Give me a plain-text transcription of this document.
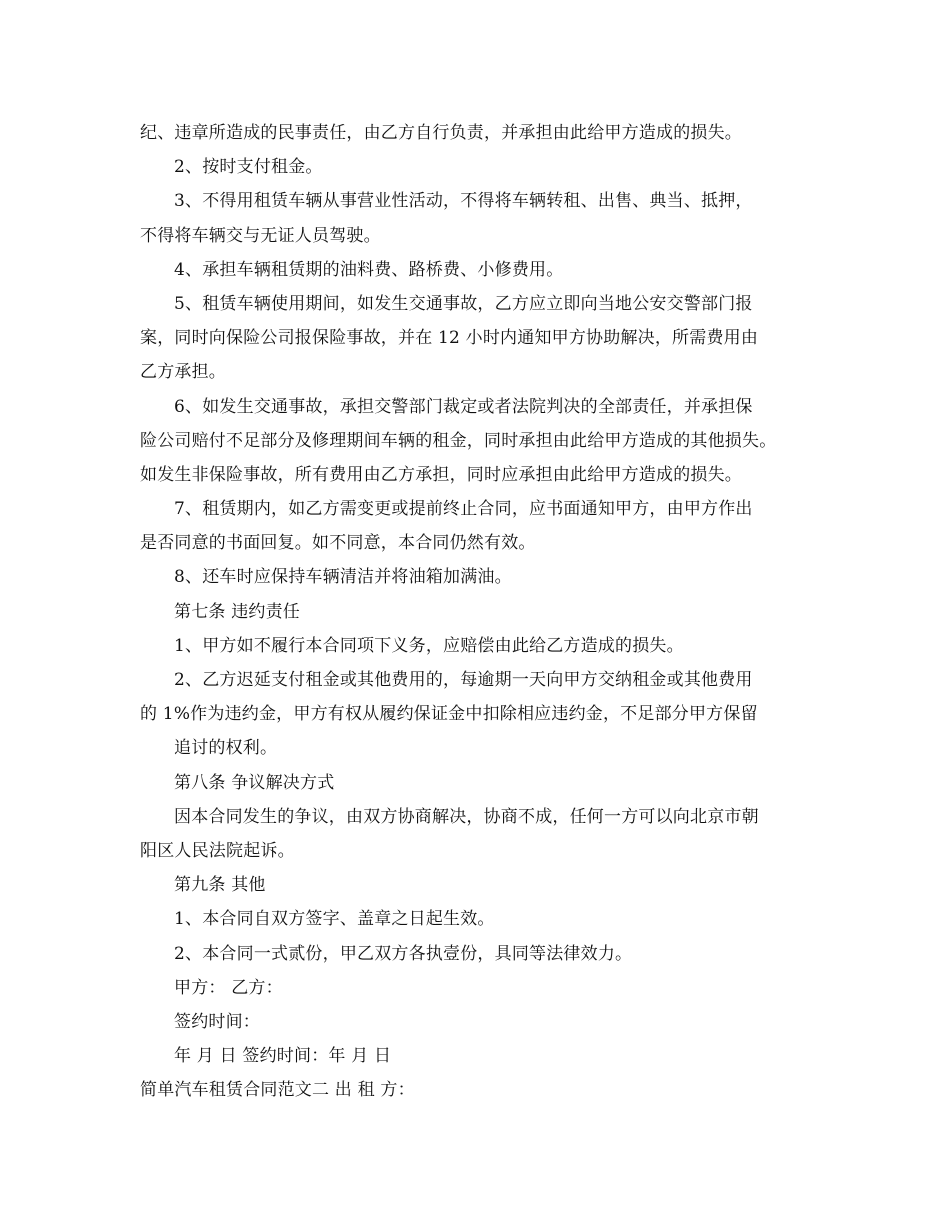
纪、违章所造成的民事责任，由乙方自行负责，并承担由此给甲方造成的损失。
2、按时支付租金。
3、不得用租赁车辆从事营业性活动，不得将车辆转租、出售、典当、抵押，
不得将车辆交与无证人员驾驶。
4、承担车辆租赁期的油料费、路桥费、小修费用。
5、租赁车辆使用期间，如发生交通事故，乙方应立即向当地公安交警部门报
案，同时向保险公司报保险事故，并在 12 小时内通知甲方协助解决，所需费用由
乙方承担。
6、如发生交通事故，承担交警部门裁定或者法院判决的全部责任，并承担保
险公司赔付不足部分及修理期间车辆的租金，同时承担由此给甲方造成的其他损失。
如发生非保险事故，所有费用由乙方承担，同时应承担由此给甲方造成的损失。
7、租赁期内，如乙方需变更或提前终止合同，应书面通知甲方，由甲方作出
是否同意的书面回复。如不同意，本合同仍然有效。
8、还车时应保持车辆清洁并将油箱加满油。
第七条 违约责任
1、甲方如不履行本合同项下义务，应赔偿由此给乙方造成的损失。
2、乙方迟延支付租金或其他费用的，每逾期一天向甲方交纳租金或其他费用
的 1%作为违约金，甲方有权从履约保证金中扣除相应违约金，不足部分甲方保留
追讨的权利。
第八条 争议解决方式
因本合同发生的争议，由双方协商解决，协商不成，任何一方可以向北京市朝
阳区人民法院起诉。
第九条 其他
1、本合同自双方签字、盖章之日起生效。
2、本合同一式贰份，甲乙双方各执壹份，具同等法律效力。
甲方： 乙方：
签约时间：
年 月 日 签约时间：年 月 日
简单汽车租赁合同范文二 出 租 方：
